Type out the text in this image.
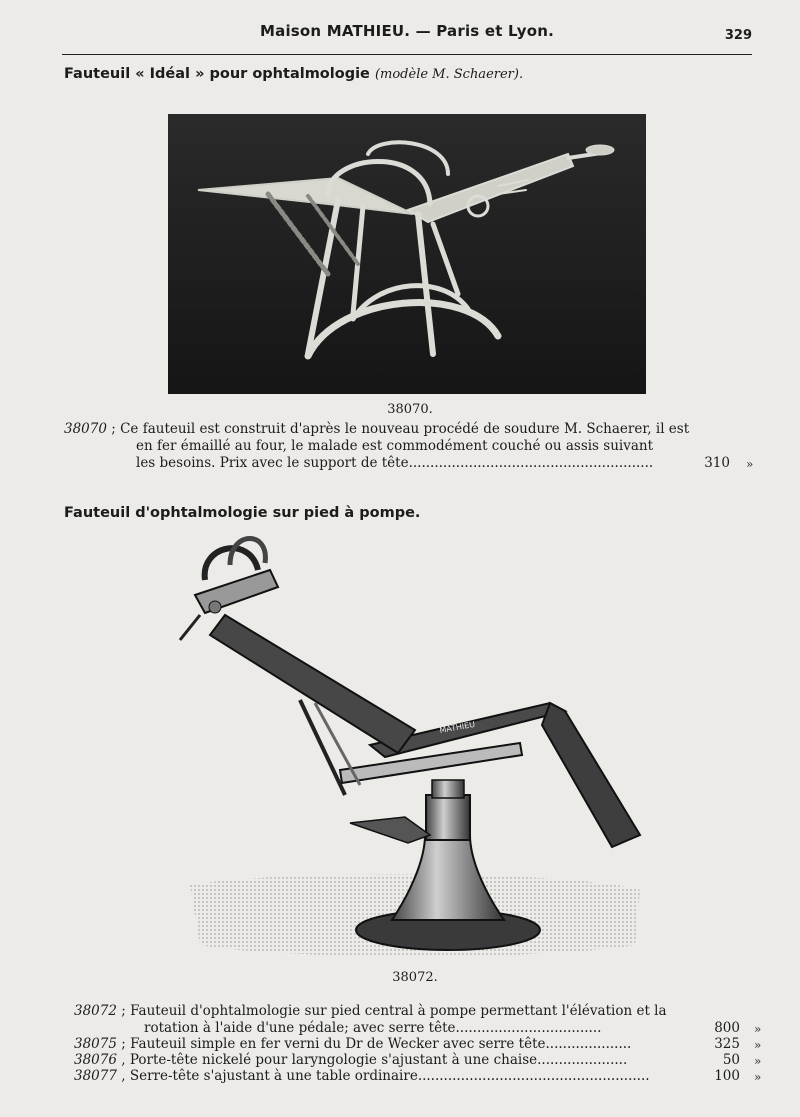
Maison MATHIEU. — Paris et Lyon.	329
Fauteuil « Idéal » pour ophtalmologie (modèle M. Schaerer).
38070.
38070 ; Ce fauteuil est construit d'après le nouveau procédé de soudure M. Schaerer, il est
en fer émaillé au four, le malade est commodément couché ou assis suivant
les besoins. Prix avec le support de tête.........................................................	310 »
Fauteuil d'ophtalmologie sur pied à pompe.
MATHIEU
38072.
38072 ; Fauteuil d'ophtalmologie sur pied central à pompe permettant l'élévation et la
rotation à l'aide d'une pédale; avec serre tête..................................	800 »
38075 ; Fauteuil simple en fer verni du Dr de Wecker avec serre tête....................	325 »
38076 , Porte-tête nickelé pour laryngologie s'ajustant à une chaise.....................	50 »
38077 , Serre-tête s'ajustant à une table ordinaire......................................................	100 »
